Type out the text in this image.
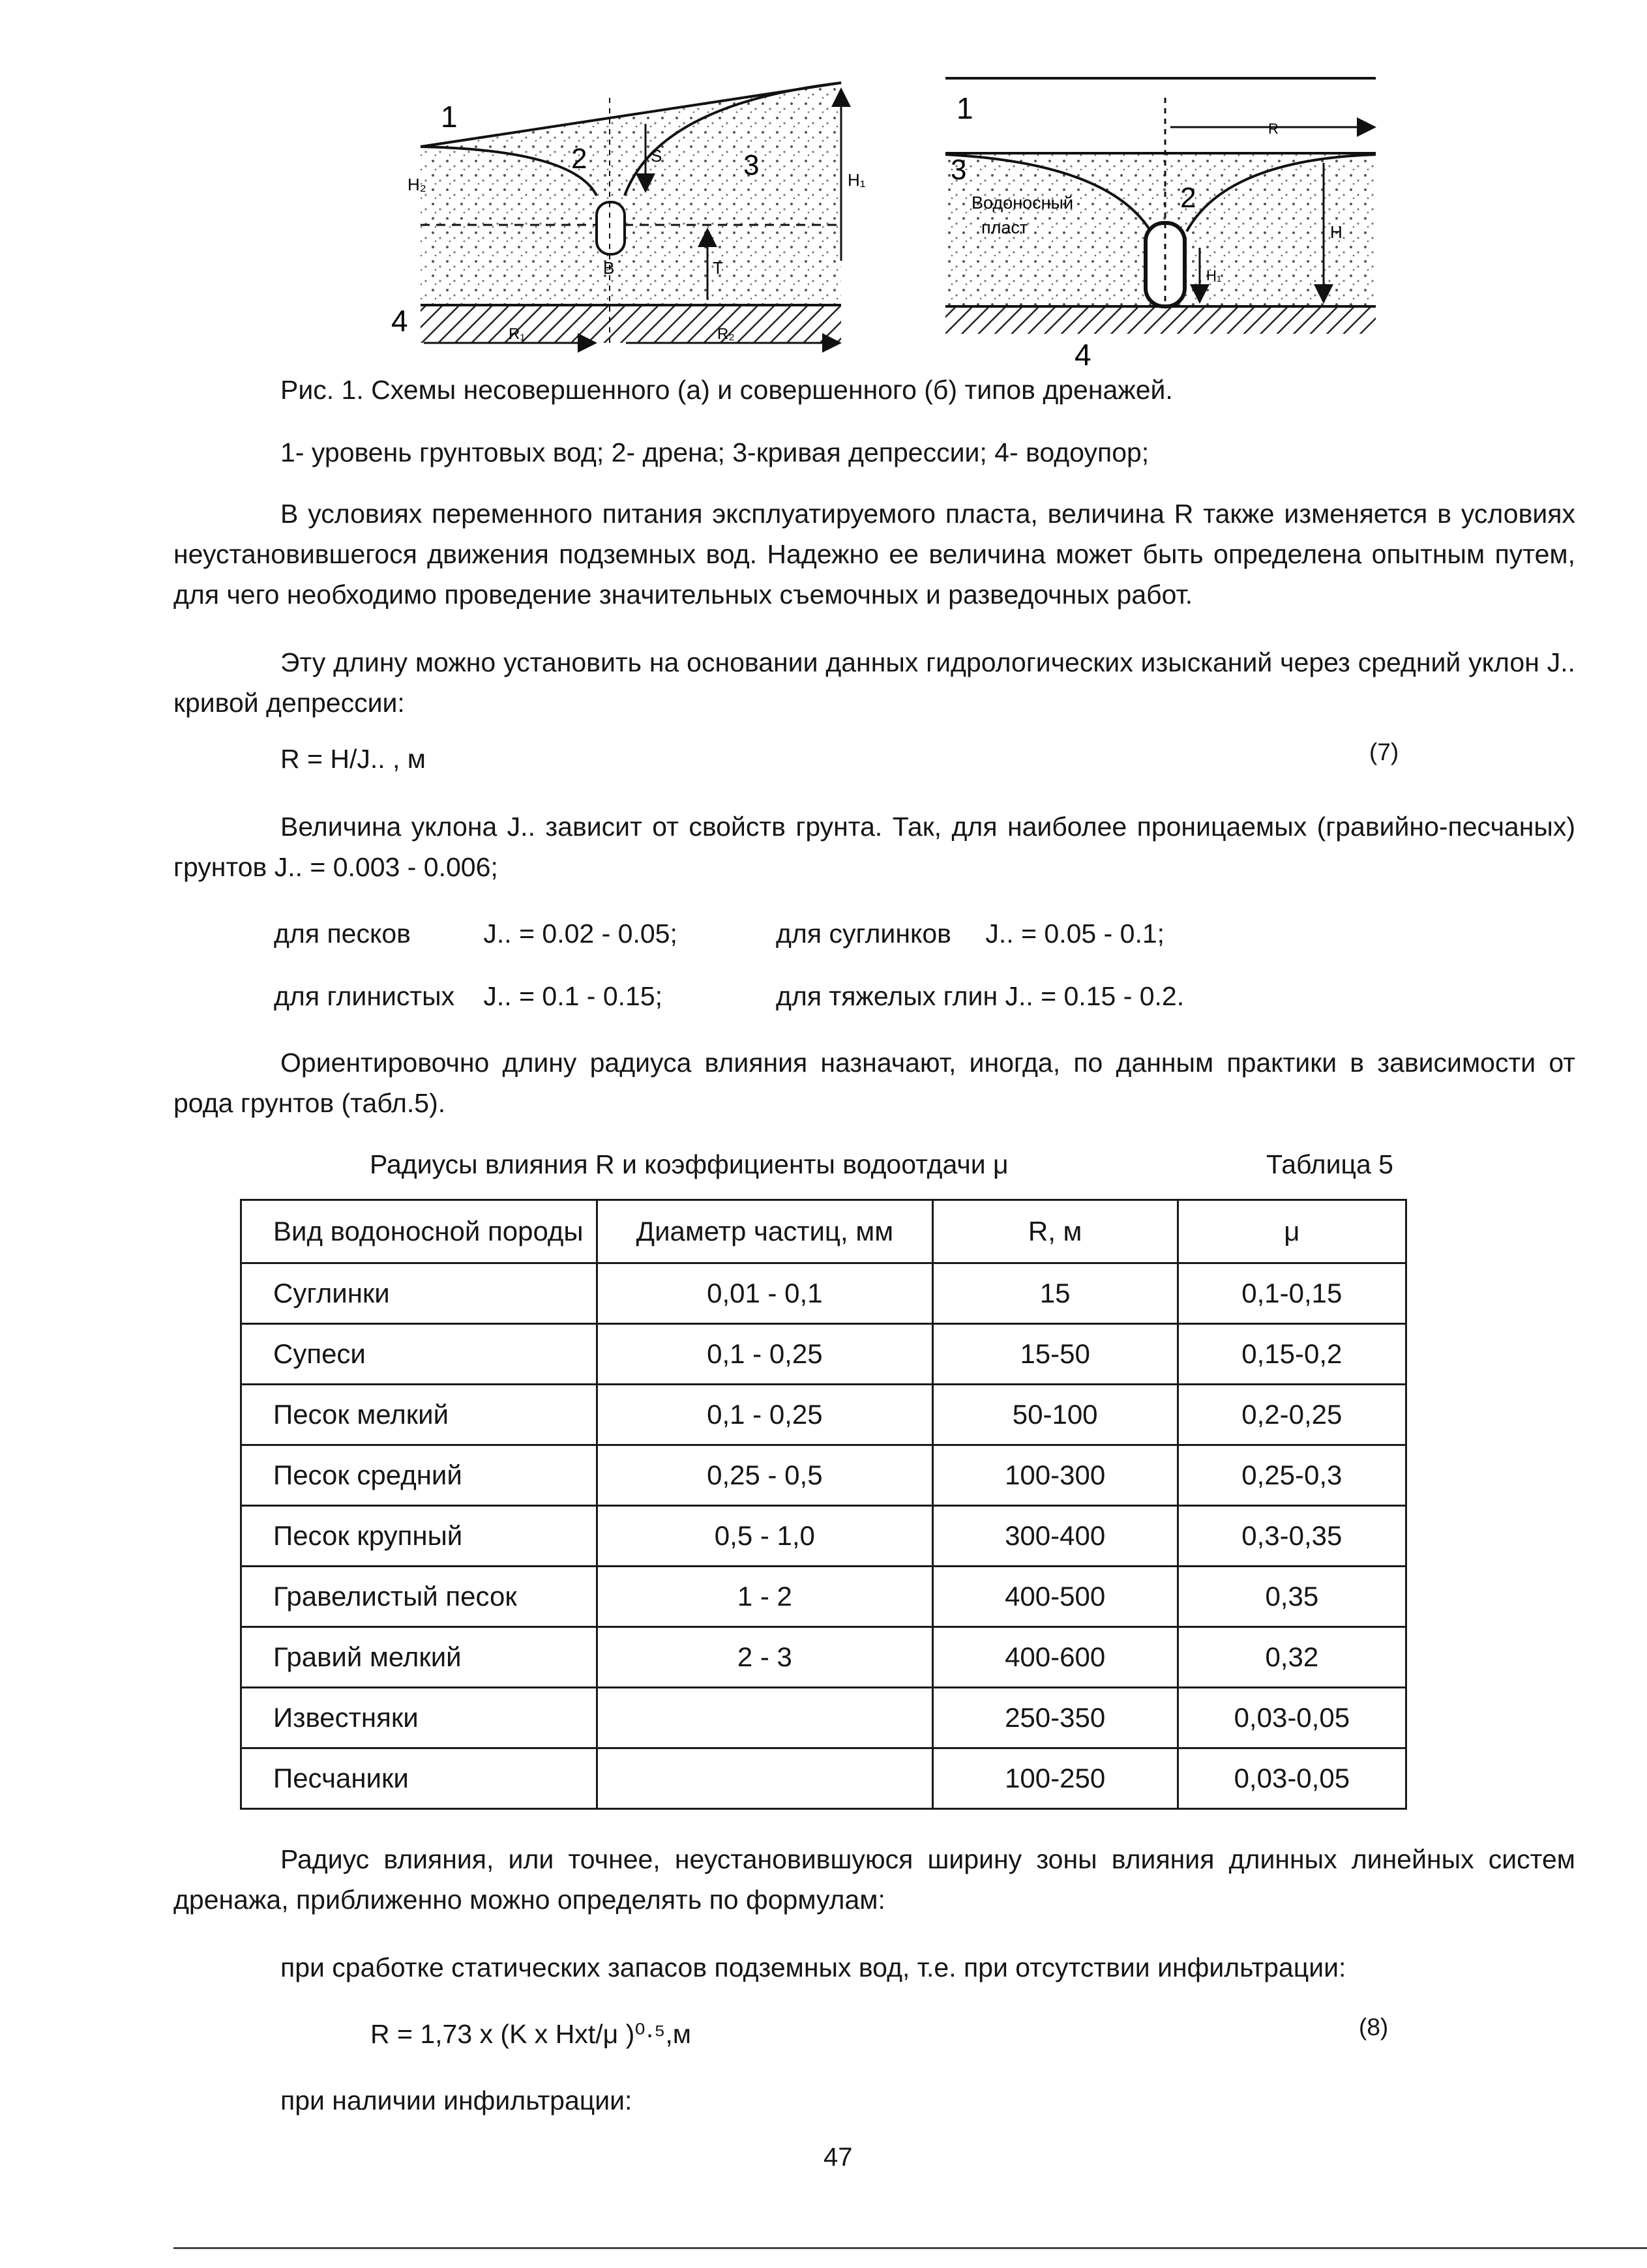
1
2	3
4
H₂
S
H₁
T
B
R₁	R₂
1
2
3
4
R
H
H₁
Водоносный
пласт
Рис. 1. Схемы несовершенного (а) и совершенного (б) типов дренажей.
1- уровень грунтовых вод; 2- дрена; 3-кривая депрессии; 4- водоупор;
В условиях переменного питания эксплуатируемого пласта, величина R также изменяется в условиях неустановившегося движения подземных вод. Надежно ее величина может быть определена опытным путем, для чего необходимо проведение значительных съемочных и разведочных работ.
Эту длину можно установить на основании данных гидрологических изысканий через средний уклон J.. кривой депрессии:
R = H/J.. , м	(7)
Величина уклона J.. зависит от свойств грунта. Так, для наиболее проницаемых (гравийно-песчаных) грунтов J.. = 0.003 - 0.006;
для песков	J.. = 0.02 - 0.05;	для суглинков J.. = 0.05 - 0.1;
для глинистых J.. = 0.1 - 0.15;	для тяжелых глин J.. = 0.15 - 0.2.
Ориентировочно длину радиуса влияния назначают, иногда, по данным практики в зависимости от рода грунтов (табл.5).
Радиусы влияния R и коэффициенты водоотдачи μ	Таблица 5
Вид водоносной породы	Диаметр частиц, мм	R, м	μ
Суглинки	0,01 - 0,1	15	0,1-0,15
Супеси	0,1 - 0,25	15-50	0,15-0,2
Песок мелкий	0,1 - 0,25	50-100	0,2-0,25
Песок средний	0,25 - 0,5	100-300	0,25-0,3
Песок крупный	0,5 - 1,0	300-400	0,3-0,35
Гравелистый песок	1 - 2	400-500	0,35
Гравий мелкий	2 - 3	400-600	0,32
Известняки		250-350	0,03-0,05
Песчаники		100-250	0,03-0,05
Радиус влияния, или точнее, неустановившуюся ширину зоны влияния длинных линейных систем дренажа, приближенно можно определять по формулам:
при сработке статических запасов подземных вод, т.е. при отсутствии инфильтрации:
R = 1,73 x (K x Hxt/μ )⁰·⁵,м	(8)
при наличии инфильтрации:
47
